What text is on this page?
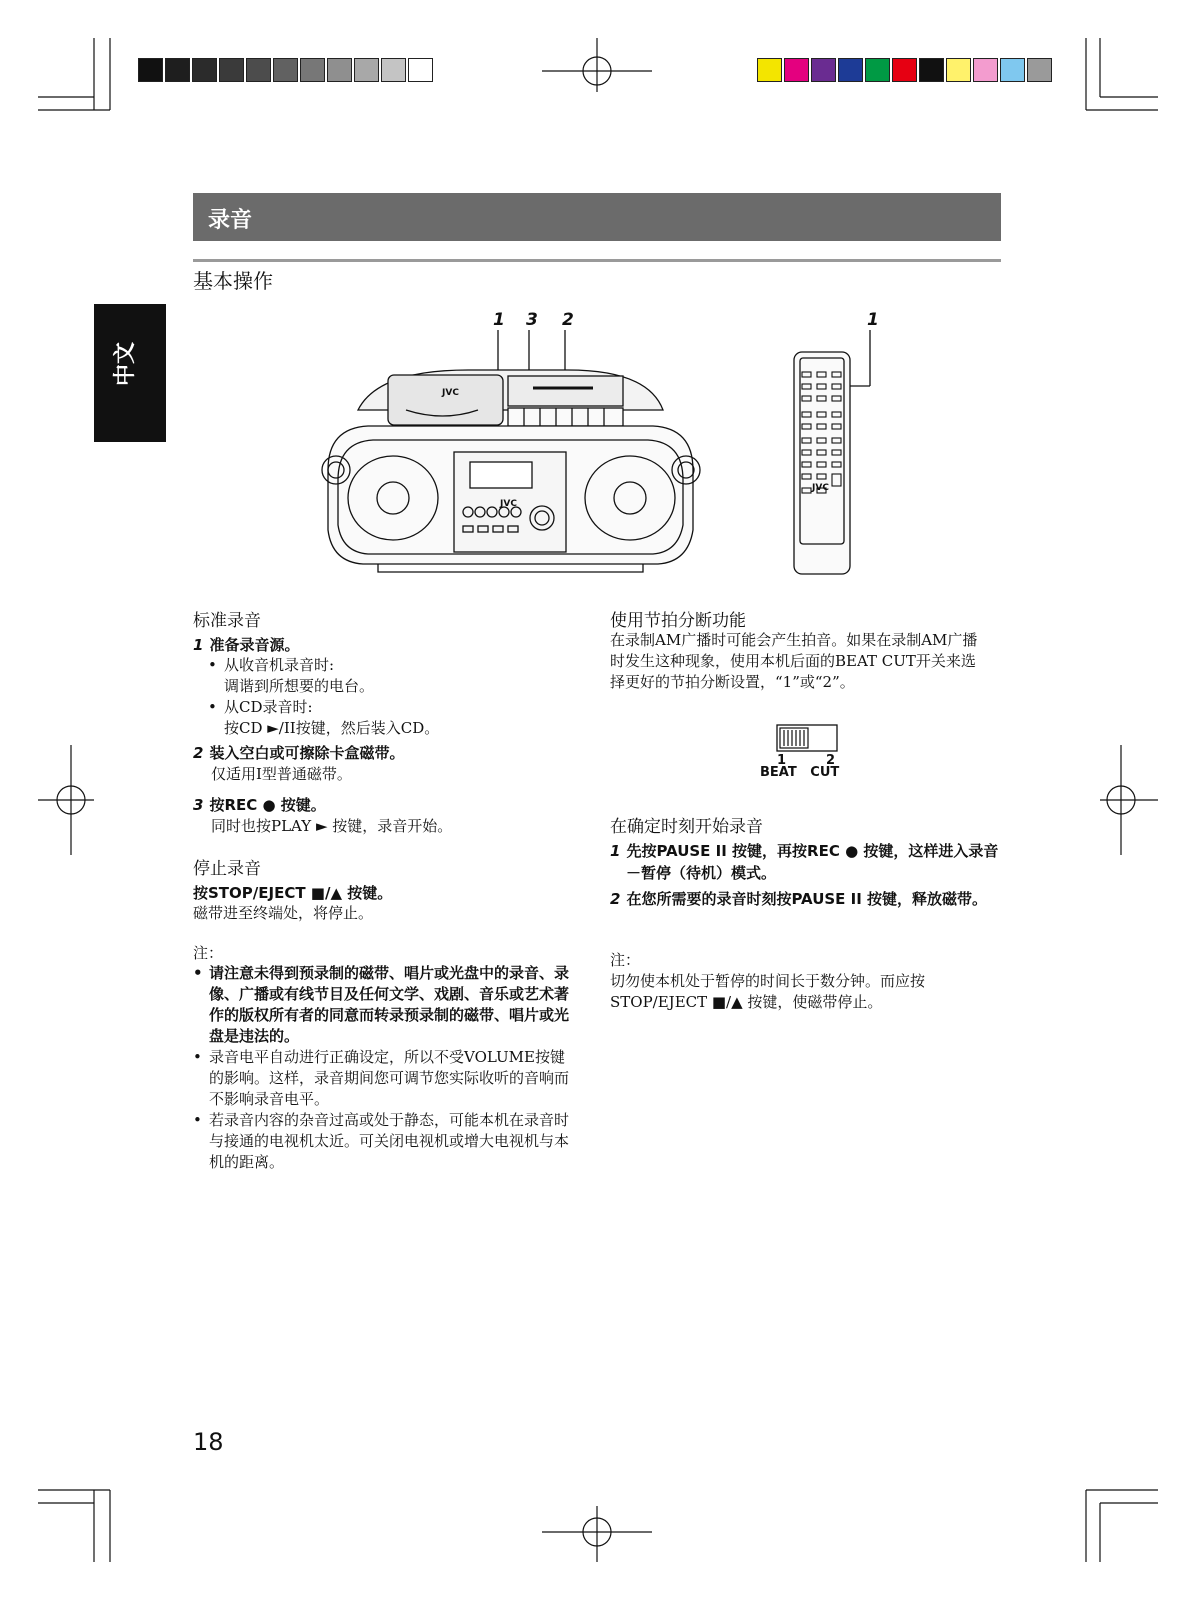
录音
基本操作
中文
1 3 2	1
JVC
JVC
JVC
标准录音
1 准备录音源。
• 从收音机录音时:
调谐到所想要的电台。
• 从CD录音时:
按CD ►/II按键，然后装入CD。
2 装入空白或可擦除卡盒磁带。
仅适用I型普通磁带。
3 按REC ● 按键。
同时也按PLAY ► 按键，录音开始。
停止录音
按STOP/EJECT ■/▲ 按键。
磁带进至终端处，将停止。
注：
• 请注意未得到预录制的磁带、唱片或光盘中的录音、录像、广播或有线节目及任何文学、戏剧、音乐或艺术著作的版权所有者的同意而转录预录制的磁带、唱片或光盘是违法的。
• 录音电平自动进行正确设定，所以不受VOLUME按键的影响。这样，录音期间您可调节您实际收听的音响而不影响录音电平。
• 若录音内容的杂音过高或处于静态，可能本机在录音时与接通的电视机太近。可关闭电视机或增大电视机与本机的距离。
使用节拍分断功能
在录制AM广播时可能会产生拍音。如果在录制AM广播时发生这种现象，使用本机后面的BEAT CUT开关来选择更好的节拍分断设置，“1”或“2”。
1	2
BEAT   CUT
在确定时刻开始录音
1 先按PAUSE II 按键，再按REC ● 按键，这样进入录音－暂停（待机）模式。
2 在您所需要的录音时刻按PAUSE II 按键，释放磁带。
注：
切勿使本机处于暂停的时间长于数分钟。而应按STOP/EJECT ■/▲ 按键，使磁带停止。
18
